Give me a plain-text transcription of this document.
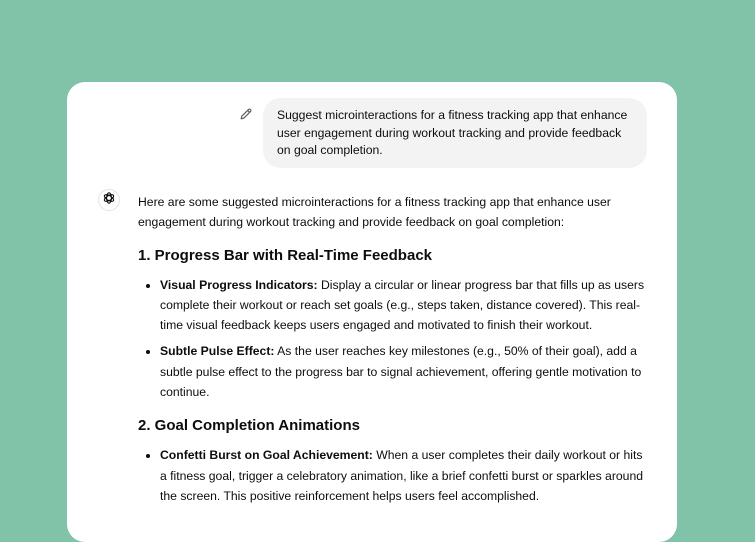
Suggest microinteractions for a fitness tracking app that enhance user engagement during workout tracking and provide feedback on goal completion.

Here are some suggested microinteractions for a fitness tracking app that enhance user engagement during workout tracking and provide feedback on goal completion:

1. Progress Bar with Real-Time Feedback
• Visual Progress Indicators: Display a circular or linear progress bar that fills up as users complete their workout or reach set goals (e.g., steps taken, distance covered). This real-time visual feedback keeps users engaged and motivated to finish their workout.
• Subtle Pulse Effect: As the user reaches key milestones (e.g., 50% of their goal), add a subtle pulse effect to the progress bar to signal achievement, offering gentle motivation to continue.
2. Goal Completion Animations
• Confetti Burst on Goal Achievement: When a user completes their daily workout or hits a fitness goal, trigger a celebratory animation, like a brief confetti burst or sparkles around the screen. This positive reinforcement helps users feel accomplished.
